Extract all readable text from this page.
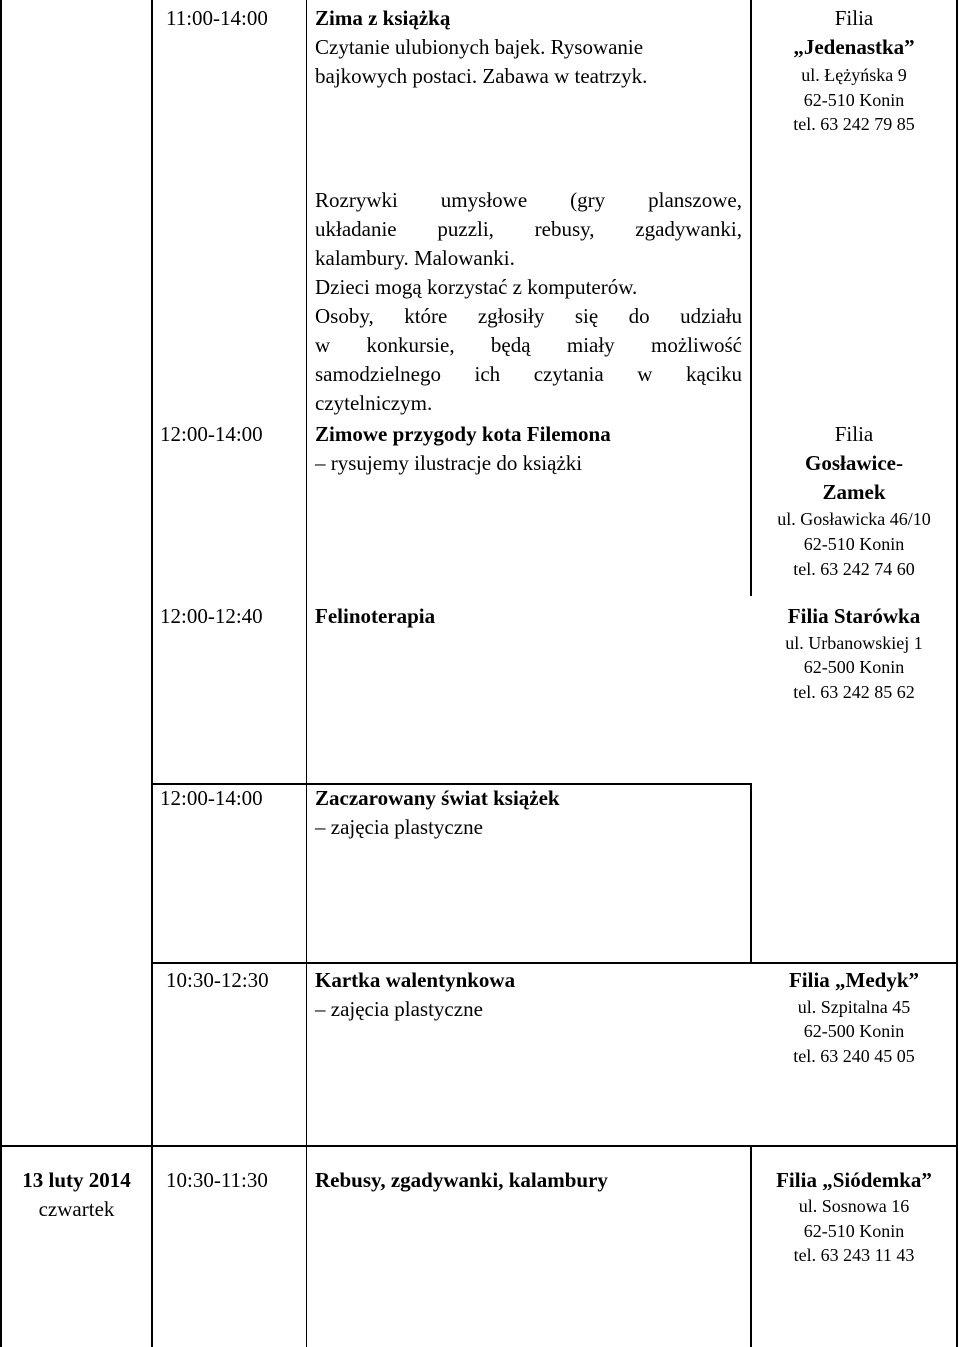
11:00-14:00 Zima z książką
Czytanie ulubionych bajek. Rysowanie
bajkowych postaci. Zabawa w teatrzyk.
Filia
„Jedenastka”
ul. Łężyńska 9
62-510 Konin
tel. 63 242 79 85
Rozrywki umysłowe (gry planszowe,
układanie puzzli, rebusy, zgadywanki,
kalambury. Malowanki.
Dzieci mogą korzystać z komputerów.
Osoby, które zgłosiły się do udziału
w konkursie, będą miały możliwość
samodzielnego ich czytania w kąciku
czytelniczym.
12:00-14:00 Zimowe przygody kota Filemona
– rysujemy ilustracje do książki
Filia
Gosławice-
Zamek
ul. Gosławicka 46/10
62-510 Konin
tel. 63 242 74 60
12:00-12:40 Felinoterapia	Filia Starówka
ul. Urbanowskiej 1
62-500 Konin
tel. 63 242 85 62
12:00-14:00 Zaczarowany świat książek
– zajęcia plastyczne
10:30-12:30 Kartka walentynkowa
– zajęcia plastyczne
Filia „Medyk”
ul. Szpitalna 45
62-500 Konin
tel. 63 240 45 05
13 luty 2014
czwartek
10:30-11:30 Rebusy, zgadywanki, kalambury	Filia „Siódemka”
ul. Sosnowa 16
62-510 Konin
tel. 63 243 11 43
